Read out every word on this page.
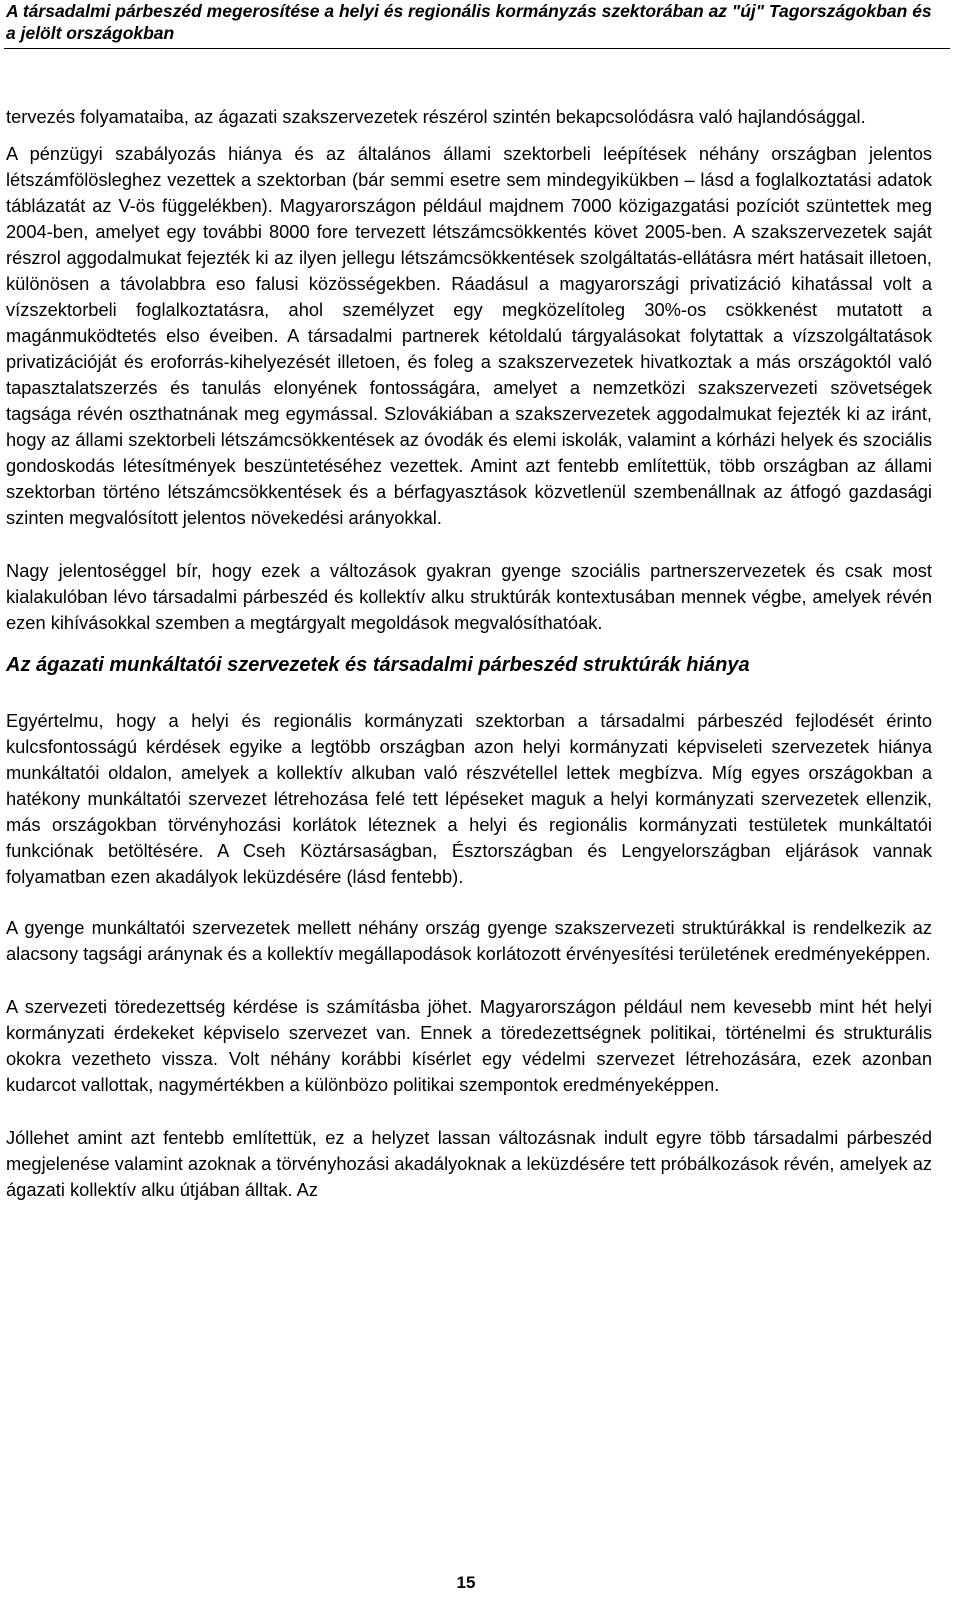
A társadalmi párbeszéd megerosítése a helyi és regionális kormányzás szektorában az "új" Tagországokban és a jelölt országokban

tervezés folyamataiba, az ágazati szakszervezetek részérol szintén bekapcsolódásra való hajlandósággal.

A pénzügyi szabályozás hiánya és az általános állami szektorbeli leépítések néhány országban jelentos létszámfölösleghez vezettek a szektorban (bár semmi esetre sem mindegyikükben – lásd a foglalkoztatási adatok táblázatát az V-ös függelékben). Magyarországon például majdnem 7000 közigazgatási pozíciót szüntettek meg 2004-ben, amelyet egy további 8000 fore tervezett létszámcsökkentés követ 2005-ben. A szakszervezetek saját részrol aggodalmukat fejezték ki az ilyen jellegu létszámcsökkentések szolgáltatás-ellátásra mért hatásait illetoen, különösen a távolabbra eso falusi közösségekben. Ráadásul a magyarországi privatizáció kihatással volt a vízszektorbeli foglalkoztatásra, ahol személyzet egy megközelítoleg 30%-os csökkenést mutatott a magánmuködtetés elso éveiben. A társadalmi partnerek kétoldalú tárgyalásokat folytattak a vízszolgáltatások privatizációját és eroforrás-kihelyezését illetoen, és foleg a szakszervezetek hivatkoztak a más országoktól való tapasztalatszerzés és tanulás elonyének fontosságára, amelyet a nemzetközi szakszervezeti szövetségek tagsága révén oszthatnának meg egymással. Szlovákiában a szakszervezetek aggodalmukat fejezték ki az iránt, hogy az állami szektorbeli létszámcsökkentések az óvodák és elemi iskolák, valamint a kórházi helyek és szociális gondoskodás létesítmények beszüntetéséhez vezettek. Amint azt fentebb említettük, több országban az állami szektorban történo létszámcsökkentések és a bérfagyasztások közvetlenül szembenállnak az átfogó gazdasági szinten megvalósított jelentos növekedési arányokkal.

Nagy jelentoséggel bír, hogy ezek a változások gyakran gyenge szociális partnerszervezetek és csak most kialakulóban lévo társadalmi párbeszéd és kollektív alku struktúrák kontextusában mennek végbe, amelyek révén ezen kihívásokkal szemben a megtárgyalt megoldások megvalósíthatóak.

Az ágazati munkáltatói szervezetek és társadalmi párbeszéd struktúrák hiánya

Egyértelmu, hogy a helyi és regionális kormányzati szektorban a társadalmi párbeszéd fejlodését érinto kulcsfontosságú kérdések egyike a legtöbb országban azon helyi kormányzati képviseleti szervezetek hiánya munkáltatói oldalon, amelyek a kollektív alkuban való részvétellel lettek megbízva. Míg egyes országokban a hatékony munkáltatói szervezet létrehozása felé tett lépéseket maguk a helyi kormányzati szervezetek ellenzik, más országokban törvényhozási korlátok léteznek a helyi és regionális kormányzati testületek munkáltatói funkciónak betöltésére. A Cseh Köztársaságban, Észtországban és Lengyelországban eljárások vannak folyamatban ezen akadályok leküzdésére (lásd fentebb).

A gyenge munkáltatói szervezetek mellett néhány ország gyenge szakszervezeti struktúrákkal is rendelkezik az alacsony tagsági aránynak és a kollektív megállapodások korlátozott érvényesítési területének eredményeképpen.

A szervezeti töredezettség kérdése is számításba jöhet. Magyarországon például nem kevesebb mint hét helyi kormányzati érdekeket képviselo szervezet van. Ennek a töredezettségnek politikai, történelmi és strukturális okokra vezetheto vissza. Volt néhány korábbi kísérlet egy védelmi szervezet létrehozására, ezek azonban kudarcot vallottak, nagymértékben a különbözo politikai szempontok eredményeképpen.

Jóllehet amint azt fentebb említettük, ez a helyzet lassan változásnak indult egyre több társadalmi párbeszéd megjelenése valamint azoknak a törvényhozási akadályoknak a leküzdésére tett próbálkozások révén, amelyek az ágazati kollektív alku útjában álltak. Az

15
